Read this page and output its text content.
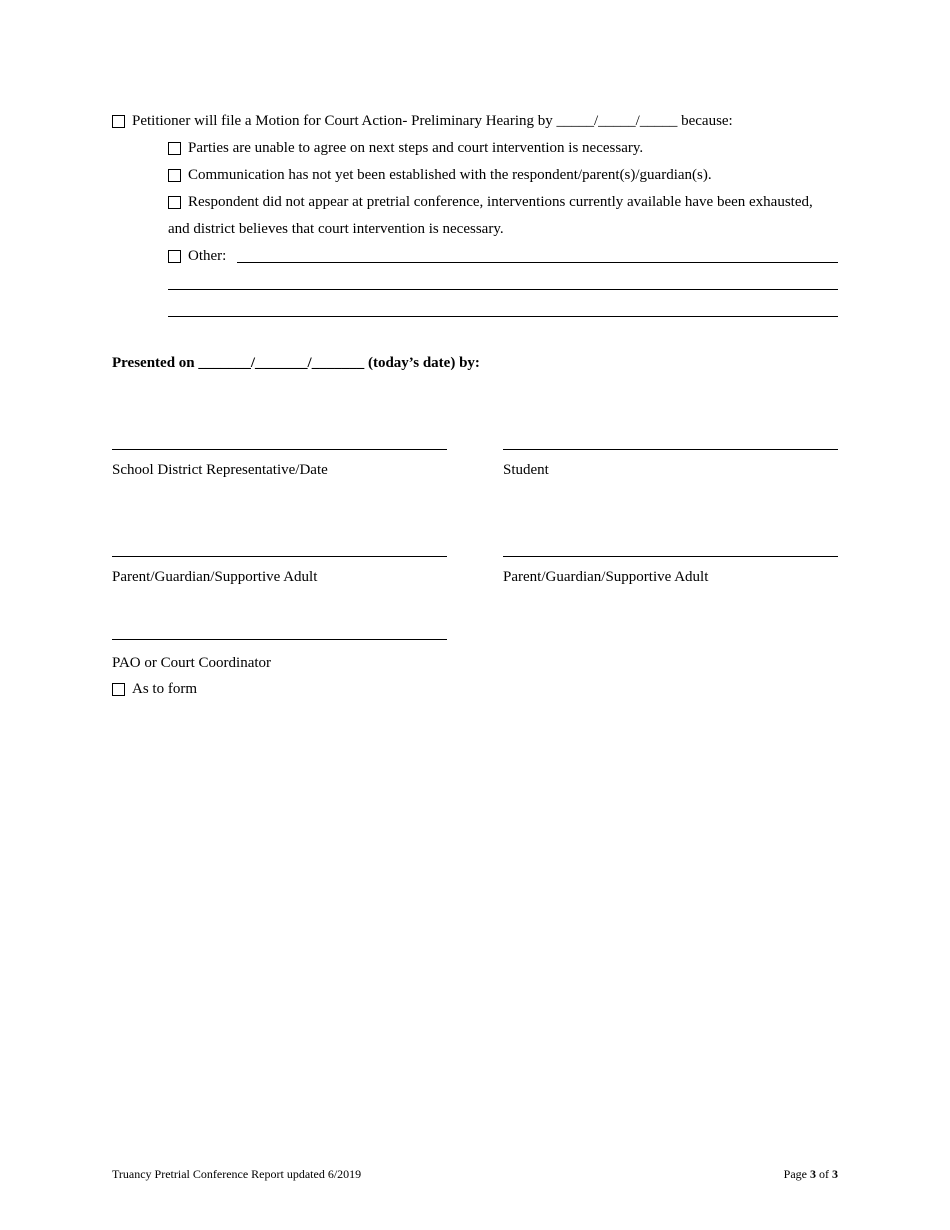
Petitioner will file a Motion for Court Action- Preliminary Hearing by _____/_____/_____ because:
Parties are unable to agree on next steps and court intervention is necessary.
Communication has not yet been established with the respondent/parent(s)/guardian(s).
Respondent did not appear at pretrial conference, interventions currently available have been exhausted,
and district believes that court intervention is necessary.
Other:
Presented on _______/_______/_______ (today’s date) by:
School District Representative/Date	Student
Parent/Guardian/Supportive Adult	Parent/Guardian/Supportive Adult
PAO or Court Coordinator
As to form
Truancy Pretrial Conference Report updated 6/2019	Page 3 of 3
